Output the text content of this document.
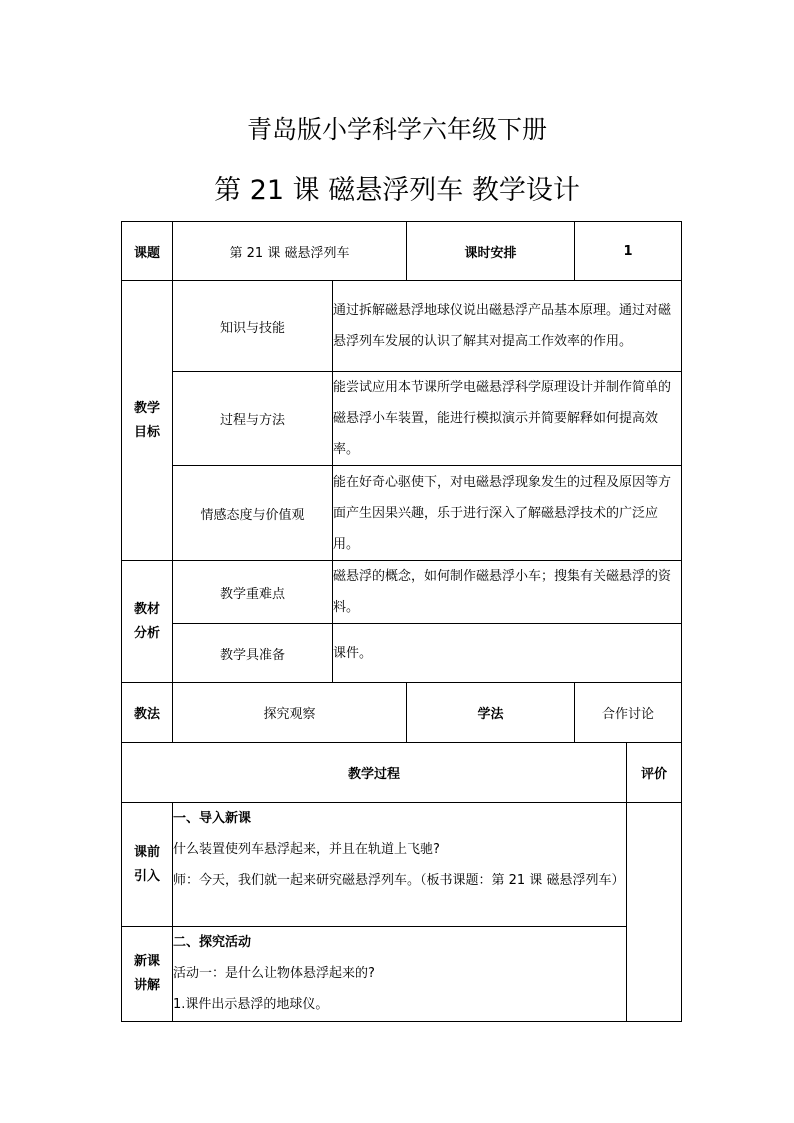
青岛版小学科学六年级下册
第 21 课 磁悬浮列车 教学设计
课题	第 21 课 磁悬浮列车		课时安排	1	
教学目标	知识与技能	通过拆解磁悬浮地球仪说出磁悬浮产品基本原理。通过对磁悬浮列车发展的认识了解其对提高工作效率的作用。			
	过程与方法	能尝试应用本节课所学电磁悬浮科学原理设计并制作简单的磁悬浮小车装置，能进行模拟演示并简要解释如何提高效率。			
	情感态度与价值观	能在好奇心驱使下，对电磁悬浮现象发生的过程及原因等方面产生因果兴趣，乐于进行深入了解磁悬浮技术的广泛应用。			
教材分析	教学重难点	磁悬浮的概念，如何制作磁悬浮小车；搜集有关磁悬浮的资料。			
	教学具准备	课件。			
教法	探究观察		学法	合作讨论	
教学过程					评价
课前引入	一、导入新课
什么装置使列车悬浮起来，并且在轨道上飞驰?
师：今天，我们就一起来研究磁悬浮列车。（板书课题：第 21 课 磁悬浮列车）				

新课讲解	二、探究活动
活动一：是什么让物体悬浮起来的?
1.课件出示悬浮的地球仪。				
